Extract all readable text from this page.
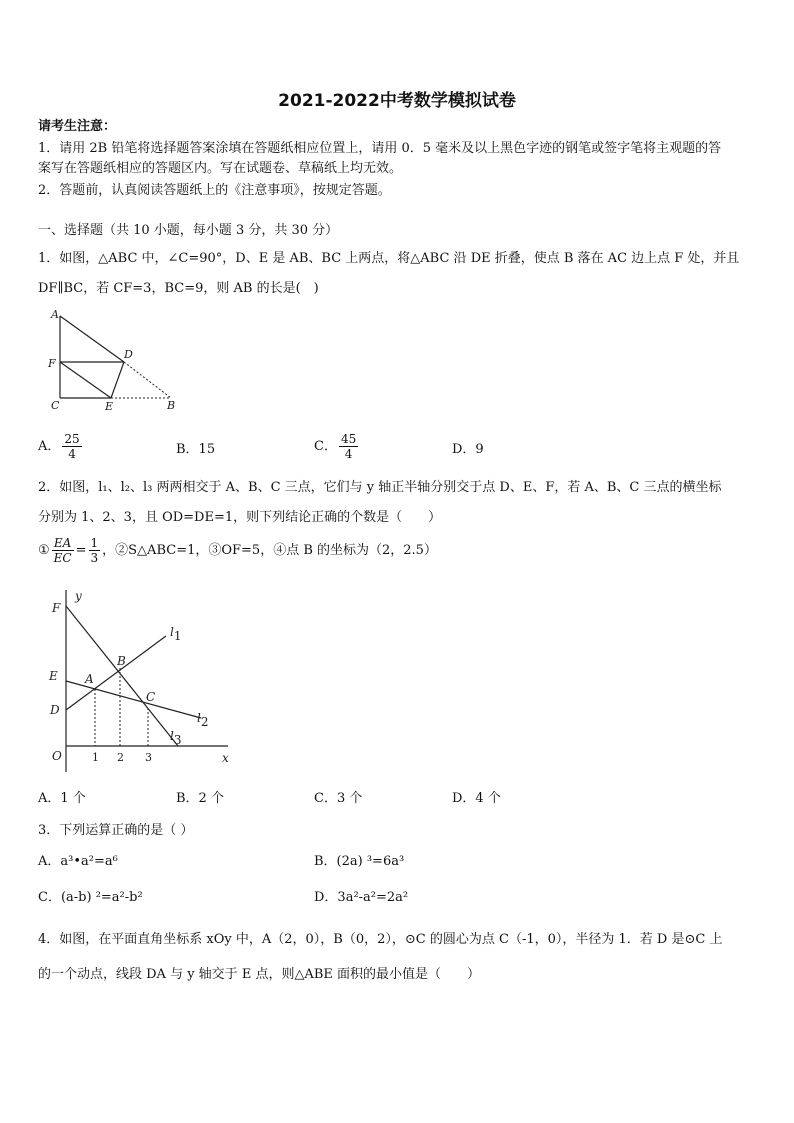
2021-2022中考数学模拟试卷
请考生注意：
1．请用 2B 铅笔将选择题答案涂填在答题纸相应位置上，请用 0．5 毫米及以上黑色字迹的钢笔或签字笔将主观题的答
案写在答题纸相应的答题区内。写在试题卷、草稿纸上均无效。
2．答题前，认真阅读答题纸上的《注意事项》，按规定答题。
一、选择题（共 10 小题，每小题 3 分，共 30 分）
1．如图，△ABC 中，∠C=90°，D、E 是 AB、BC 上两点，将△ABC 沿 DE 折叠，使点 B 落在 AC 边上点 F 处，并且
DF∥BC，若 CF=3，BC=9，则 AB 的长是(　)
A
D
F
C	E	B
A． $\frac{25}{4}$	B．15	C． $\frac{45}{4}$	D．9
2．如图，l₁、l₂、l₃ 两两相交于 A、B、C 三点，它们与 y 轴正半轴分别交于点 D、E、F，若 A、B、C 三点的横坐标
分别为 1、2、3，且 OD=DE=1，则下列结论正确的个数是（　　）
① $\frac{EA}{EC} = \frac{1}{3}$ ，②S△ABC=1，③OF=5，④点 B 的坐标为（2，2.5）
y
x
O
F
E
D
A
B
C
l1
l2
l3
1 2 3
A．1 个	B．2 个	C．3 个	D．4 个
3．下列运算正确的是（ ）
A．a³•a²=a⁶	B．(2a) ³=6a³
C．(a-b) ²=a²-b²	D．3a²-a²=2a²
4．如图，在平面直角坐标系 xOy 中，A（2，0），B（0，2），⊙C 的圆心为点 C（-1，0），半径为 1．若 D 是⊙C 上
的一个动点，线段 DA 与 y 轴交于 E 点，则△ABE 面积的最小值是（　　）
